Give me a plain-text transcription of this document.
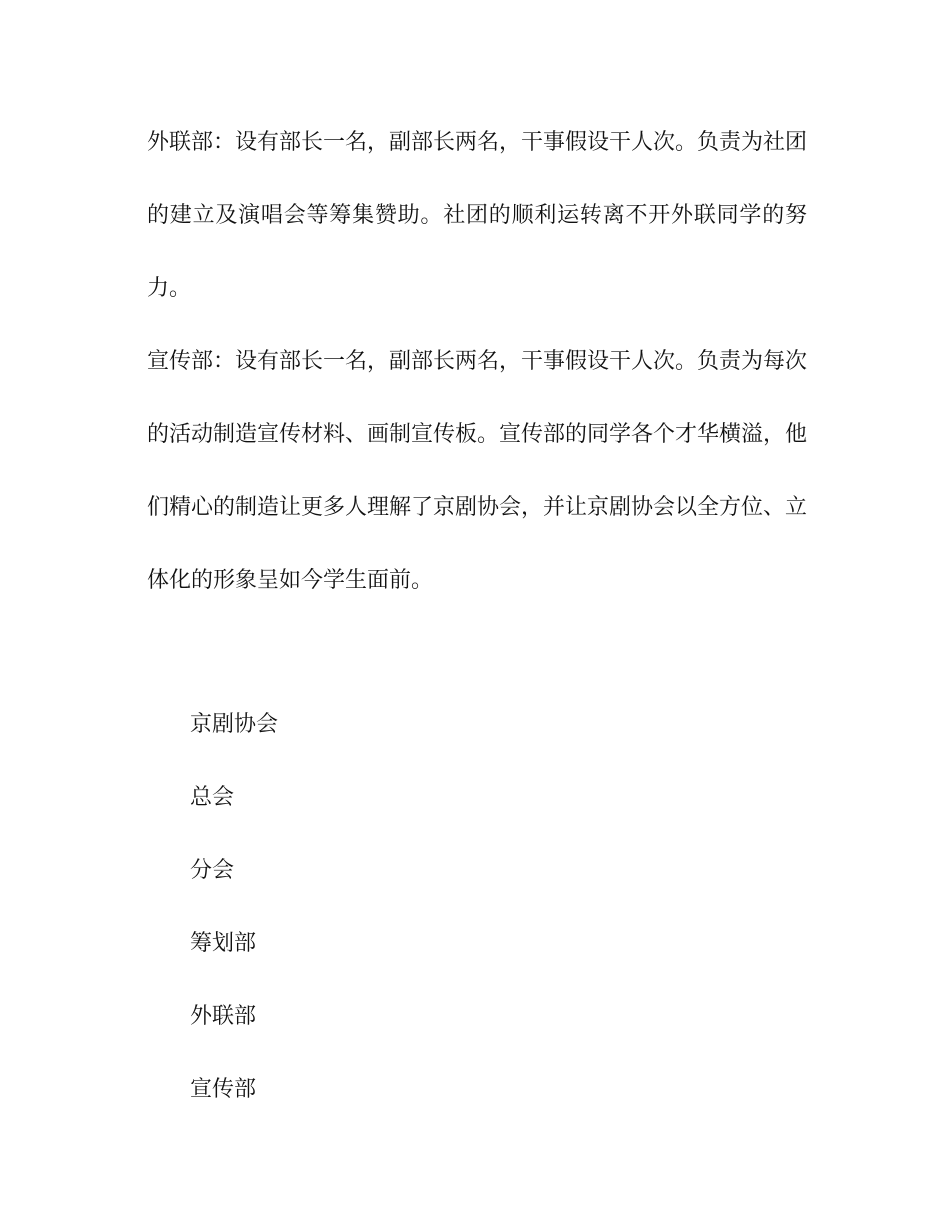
外联部：设有部长一名，副部长两名，干事假设干人次。负责为社团的建立及演唱会等筹集赞助。社团的顺利运转离不开外联同学的努力。

宣传部：设有部长一名，副部长两名，干事假设干人次。负责为每次的活动制造宣传材料、画制宣传板。宣传部的同学各个才华横溢，他们精心的制造让更多人理解了京剧协会，并让京剧协会以全方位、立体化的形象呈如今学生面前。

京剧协会
总会
分会
筹划部
外联部
宣传部
